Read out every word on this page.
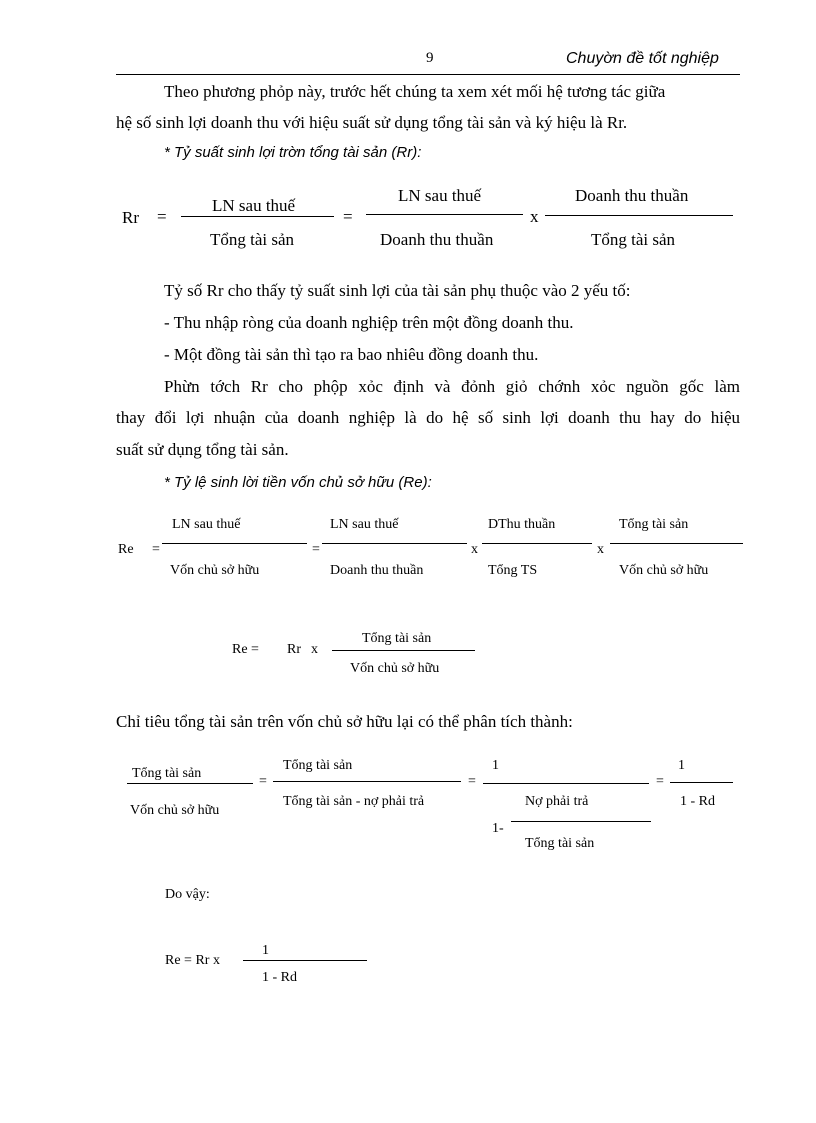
9	Chuyờn đề tốt nghiệp
Theo phương phỏp này, trước hết chúng ta xem xét mối hệ tương tác giữa
hệ số sinh lợi doanh thu với hiệu suất sử dụng tổng tài sản và ký hiệu là Rr.
* Tỷ suất sinh lợi trờn tổng tài sản (Rr):
Rr =
LN sau thuế
Tổng tài sản
=
LN sau thuế
Doanh thu thuần
x
Doanh thu thuần
Tổng tài sản
Tỷ số Rr cho thấy tỷ suất sinh lợi của tài sản phụ thuộc vào 2 yếu tố:
- Thu nhập ròng của doanh nghiệp trên một đồng doanh thu.
- Một đồng tài sản thì tạo ra bao nhiêu đồng doanh thu.
Phừn tớch Rr cho phộp xỏc định và đỏnh giỏ chớnh xỏc nguồn gốc làm
thay đổi lợi nhuận của doanh nghiệp là do hệ số sinh lợi doanh thu hay do hiệu
suất sử dụng tổng tài sản.
* Tỷ lệ sinh lời tiền vốn chủ sở hữu (Re):
Re =
LN sau thuế
Vốn chủ sở hữu
=
LN sau thuế
Doanh thu thuần
x
DThu thuần
Tổng TS
x
Tổng tài sản
Vốn chủ sở hữu
Re = Rr x
Tổng tài sản
Vốn chủ sở hữu
Chỉ tiêu tổng tài sản trên vốn chủ sở hữu lại có thể phân tích thành:
Tổng tài sản
Vốn chủ sở hữu
=
Tổng tài sản
Tổng tài sản - nợ phải trả
=
1
Nợ phải trả
1-
Tổng tài sản
=
1
1 - Rd
Do vậy:
Re = Rr x
1
1 - Rd
